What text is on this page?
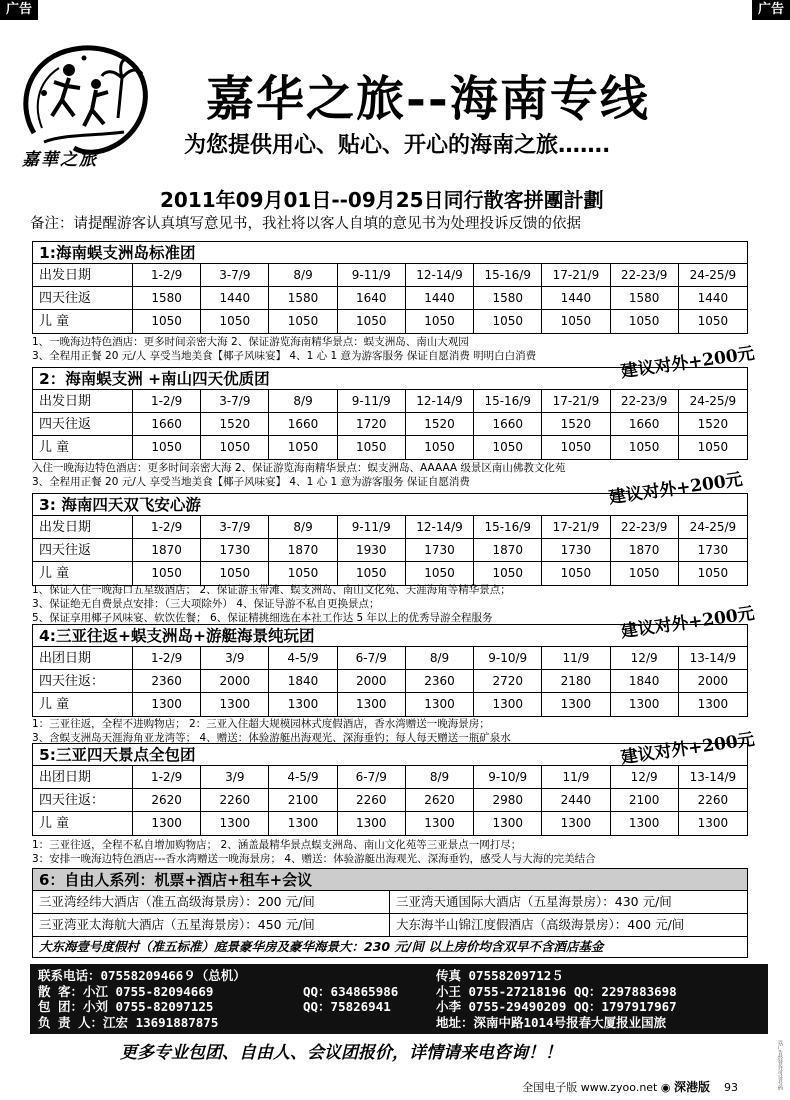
广告	广告
嘉華之旅
嘉华之旅--海南专线
为您提供用心、贴心、开心的海南之旅…….
2011年09月01日--09月25日同行散客拼團計劃
备注：请提醒游客认真填写意见书，我社将以客人自填的意见书为处理投诉反馈的依据
1:海南蜈支洲岛标准团
出发日期	1-2/9	3-7/9	8/9	9-11/9	12-14/9	15-16/9	17-21/9	22-23/9	24-25/9
四天往返	1580	1440	1580	1640	1440	1580	1440	1580	1440
儿 童	1050	1050	1050	1050	1050	1050	1050	1050	1050
1、一晚海边特色酒店：更多时间亲密大海 2、保证游览海南精华景点：蜈支洲岛、南山大观园
3、全程用正餐 20 元/人 享受当地美食【椰子风味宴】 4、1 心 1 意为游客服务 保证自愿消费 明明白白消费	建议对外+200元
2：海南蜈支洲 +南山四天优质团
出发日期	1-2/9	3-7/9	8/9	9-11/9	12-14/9	15-16/9	17-21/9	22-23/9	24-25/9
四天往返	1660	1520	1660	1720	1520	1660	1520	1660	1520
儿 童	1050	1050	1050	1050	1050	1050	1050	1050	1050
入住一晚海边特色酒店：更多时间亲密大海 2、保证游览海南精华景点：蜈支洲岛、AAAAA 级景区南山佛教文化苑
3、全程用正餐 20 元/人 享受当地美食【椰子风味宴】 4、1 心 1 意为游客服务 保证自愿消费	建议对外+200元
3: 海南四天双飞安心游
出发日期	1-2/9	3-7/9	8/9	9-11/9	12-14/9	15-16/9	17-21/9	22-23/9	24-25/9
四天往返	1870	1730	1870	1930	1730	1870	1730	1870	1730
儿 童	1050	1050	1050	1050	1050	1050	1050	1050	1050
1、保证入住一晚海口五星级酒店； 2、保证游玉带滩、蜈支洲岛、南山文化苑、天涯海角等精华景点；
3、保证绝无自费景点安排：（三大项除外） 4、保证导游不私自更换景点；
5、保证享用椰子风味宴、软饮佐餐； 6、保证精挑细选在本社工作达 5 年以上的优秀导游全程服务	建议对外+200元
4:三亚往返+蜈支洲岛+游艇海景纯玩团
出团日期	1-2/9	3/9	4-5/9	6-7/9	8/9	9-10/9	11/9	12/9	13-14/9
四天往返：	2360	2000	1840	2000	2360	2720	2180	1840	2000
儿 童	1300	1300	1300	1300	1300	1300	1300	1300	1300
1：三亚往返，全程不进购物店； 2：三亚入住超大规模园林式度假酒店，香水湾赠送一晚海景房；
3、含蜈支洲岛天涯海角亚龙湾等； 4、赠送：体验游艇出海观光、深海垂钓；每人每天赠送一瓶矿泉水	建议对外+200元
5:三亚四天景点全包团
出团日期	1-2/9	3/9	4-5/9	6-7/9	8/9	9-10/9	11/9	12/9	13-14/9
四天往返：	2620	2260	2100	2260	2620	2980	2440	2100	2260
儿 童	1300	1300	1300	1300	1300	1300	1300	1300	1300
1：三亚往返，全程不私自增加购物店； 2、涵盖最精华景点蜈支洲岛、南山文化苑等三亚景点一网打尽；
3：安排一晚海边特色酒店---香水湾赠送一晚海景房； 4、赠送：体验游艇出海观光、深海垂钓，感受人与大海的完美结合
6：自由人系列：机票+酒店+租车+会议
三亚湾经纬大酒店（准五高级海景房）：200 元/间	三亚湾天通国际大酒店（五星海景房）：430 元/间
三亚湾亚太海航大酒店（五星海景房）：450 元/间	大东海半山锦江度假酒店（高级海景房）：400 元/间
大东海壹号度假村（准五标准）庭景豪华房及豪华海景大：230 元/间 以上房价均含双早不含酒店基金
联系电话：07558209466９（总机）	传真 07558209712５
散 客：小江 0755-82094669	QQ：634865986	小王 0755-27218196 QQ：2297883698
包 团：小刘 0755-82097125	QQ：75826941	小李 0755-29490209 QQ：1797917967
负 责 人：江宏 13691887875	地址：深南中路1014号报春大厦报业国旅
更多专业包团、自由人、会议团报价，详情请来电咨询！！
全国电子版 www.zyoo.net ◉ 深港版 93	以广告经营许可证号码
